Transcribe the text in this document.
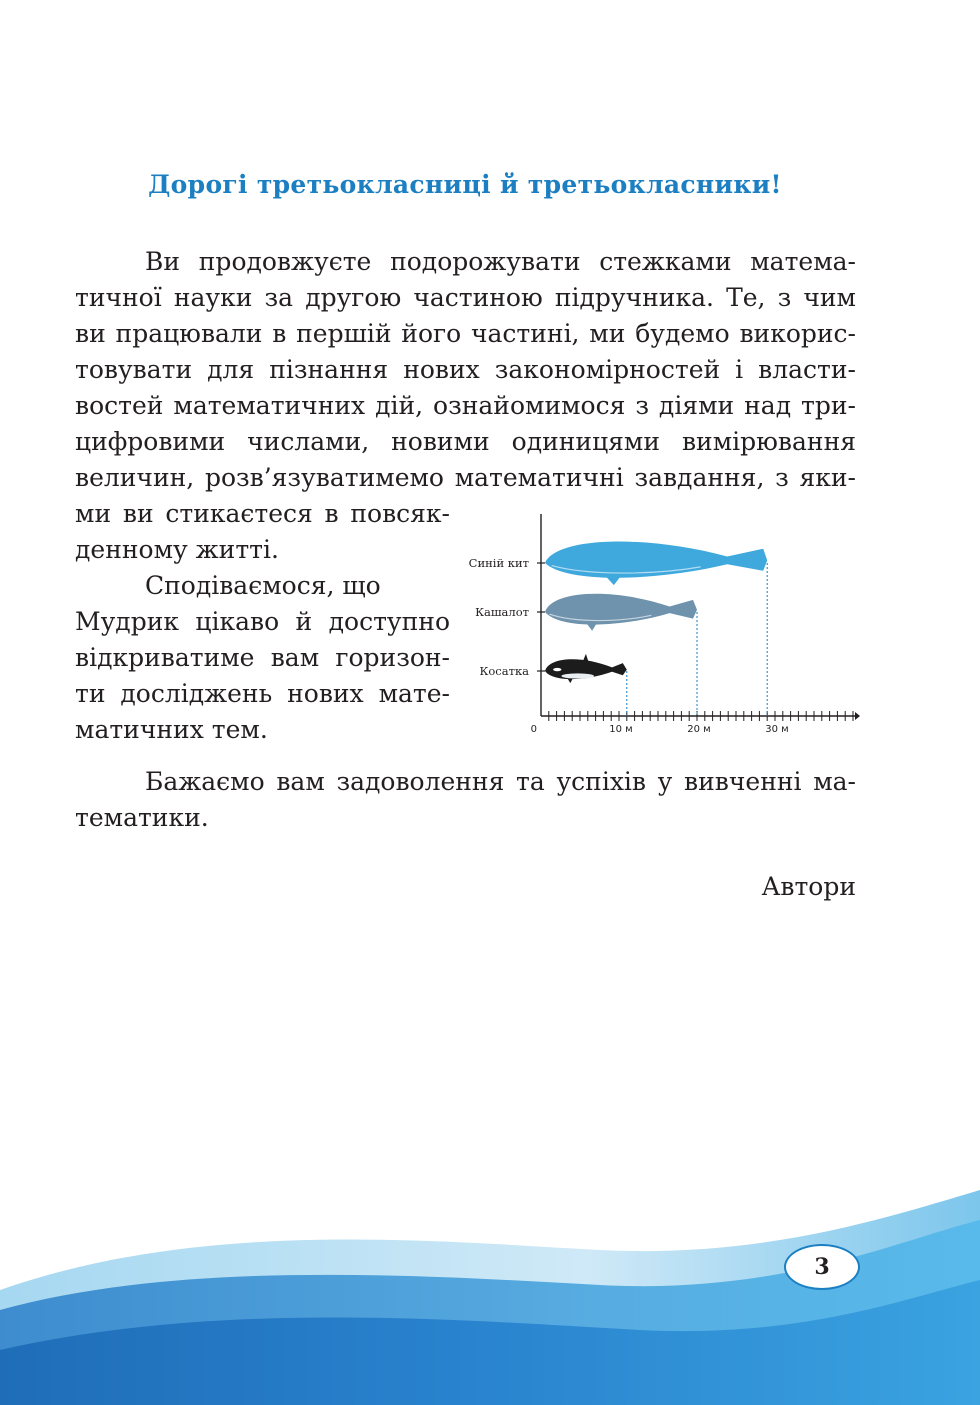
Дорогі третьокласниці й третьокласники!

Ви продовжуєте подорожувати стежками матема-

тичної науки за другою частиною підручника. Те, з чим

ви працювали в першій його частині, ми будемо викорис-

товувати для пізнання нових закономірностей і власти-

востей математичних дій, ознайомимося з діями над три-

цифровими числами, новими одиницями вимірювання

величин, розв’язуватимемо математичні завдання, з яки-

ми ви стикаєтеся в повсяк-

денному житті.

Сподіваємося, що

Мудрик цікаво й доступно

відкриватиме вам горизон-

ти досліджень нових мате-

матичних тем.

Бажаємо вам задоволення та успіхів у вивченні ма-

тематики.

Автори

0	10 м	20 м	30 м
Синій кит
Кашалот
Косатка
3
